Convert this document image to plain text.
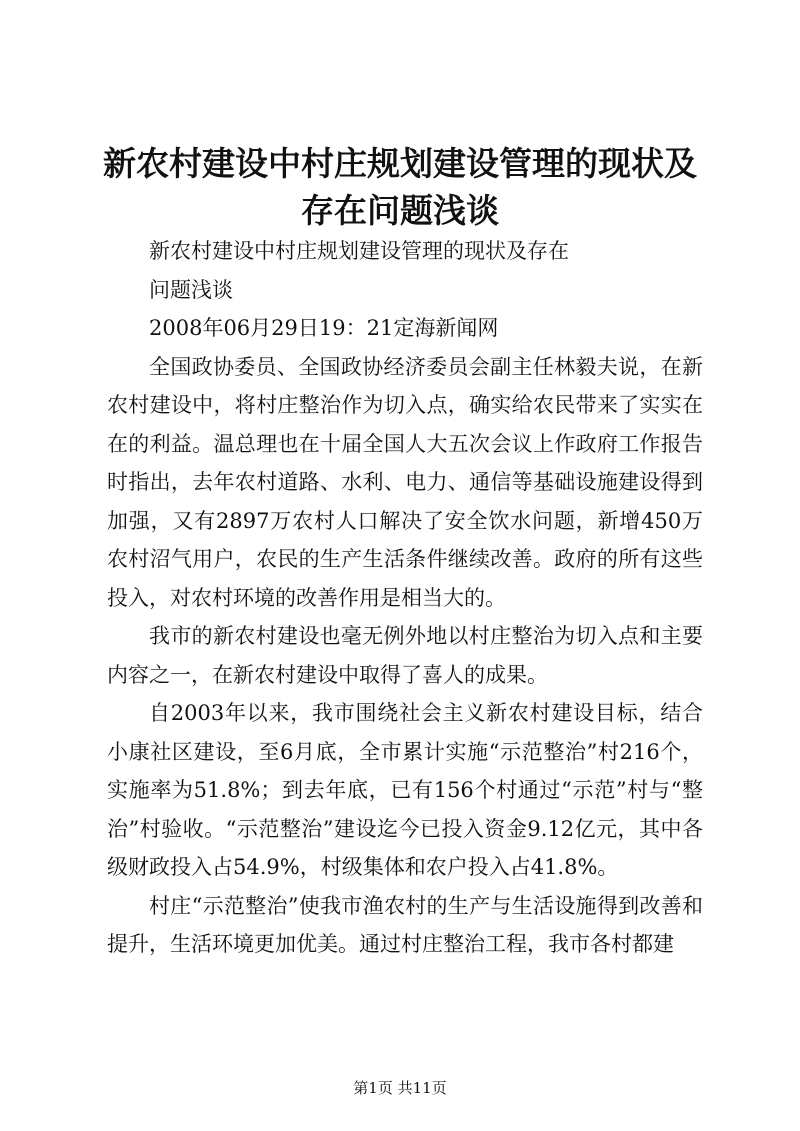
新农村建设中村庄规划建设管理的现状及存在问题浅谈

新农村建设中村庄规划建设管理的现状及存在

问题浅谈

2008年06月29日19：21定海新闻网

全国政协委员、全国政协经济委员会副主任林毅夫说，在新农村建设中，将村庄整治作为切入点，确实给农民带来了实实在在的利益。温总理也在十届全国人大五次会议上作政府工作报告时指出，去年农村道路、水利、电力、通信等基础设施建设得到加强，又有2897万农村人口解决了安全饮水问题，新增450万农村沼气用户，农民的生产生活条件继续改善。政府的所有这些投入，对农村环境的改善作用是相当大的。

我市的新农村建设也毫无例外地以村庄整治为切入点和主要内容之一，在新农村建设中取得了喜人的成果。

自2003年以来，我市围绕社会主义新农村建设目标，结合小康社区建设，至6月底，全市累计实施“示范整治”村216个，实施率为51.8%；到去年底，已有156个村通过“示范”村与“整治”村验收。“示范整治”建设迄今已投入资金9.12亿元，其中各级财政投入占54.9%，村级集体和农户投入占41.8%。

村庄“示范整治”使我市渔农村的生产与生活设施得到改善和提升，生活环境更加优美。通过村庄整治工程，我市各村都建

第1页 共11页
